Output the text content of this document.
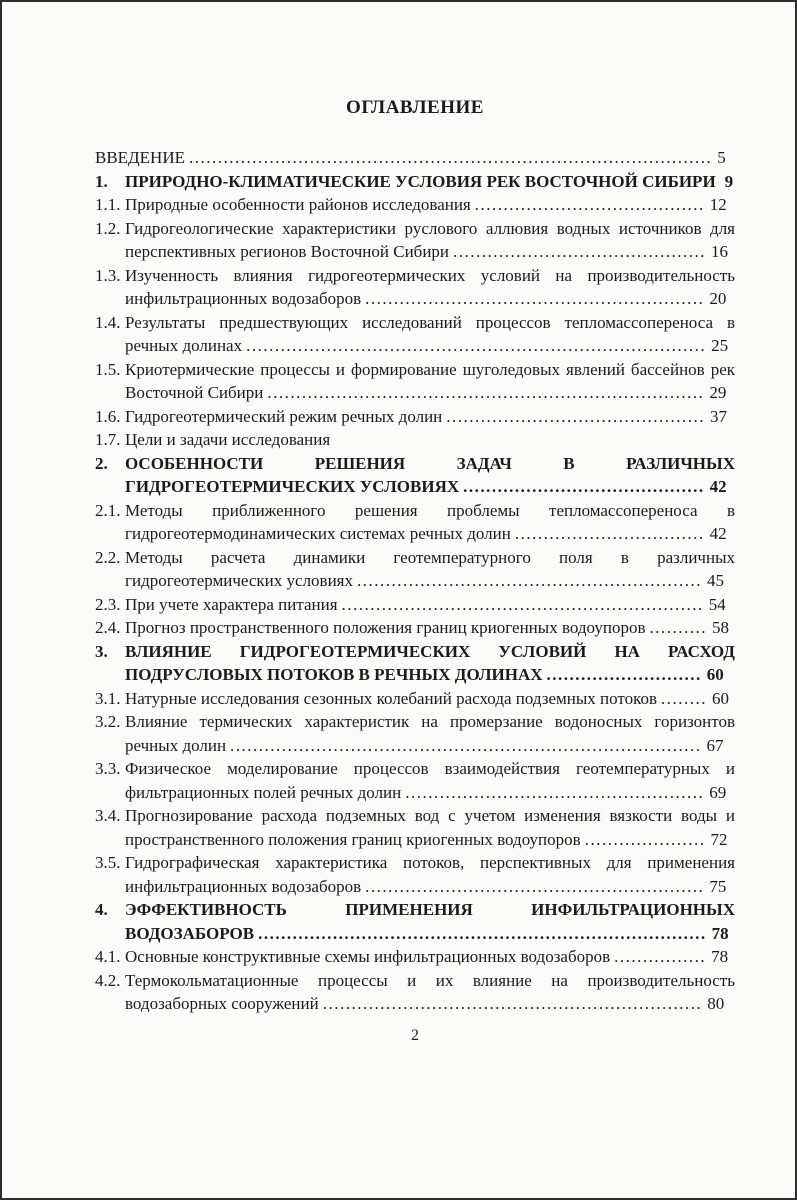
ОГЛАВЛЕНИЕ

ВВЕДЕНИЕ ........................................................................................... 5

1. ПРИРОДНО-КЛИМАТИЧЕСКИЕ УСЛОВИЯ РЕК ВОСТОЧНОЙ СИБИРИ 9

1.1. Природные особенности районов исследования ........................................ 12

1.2. Гидрогеологические характеристики руслового аллювия водных источников для перспективных регионов Восточной Сибири ............................................ 16

1.3. Изученность влияния гидрогеотермических условий на производительность инфильтрационных водозаборов ........................................................... 20

1.4. Результаты предшествующих исследований процессов тепломассопереноса в речных долинах ................................................................................ 25

1.5. Криотермические процессы и формирование шуголедовых явлений бассейнов рек Восточной Сибири ............................................................................ 29

1.6. Гидрогеотермический режим речных долин ............................................. 37

1.7. Цели и задачи исследования

2. ОСОБЕННОСТИ РЕШЕНИЯ ЗАДАЧ В РАЗЛИЧНЫХ ГИДРОГЕОТЕРМИЧЕСКИХ УСЛОВИЯХ .......................................... 42

2.1. Методы приближенного решения проблемы тепломассопереноса в гидрогеотермодинамических системах речных долин ................................. 42

2.2. Методы расчета динамики геотемпературного поля в различных гидрогеотермических условиях ............................................................ 45

2.3. При учете характера питания ............................................................... 54

2.4. Прогноз пространственного положения границ криогенных водоупоров .......... 58

3. ВЛИЯНИЕ ГИДРОГЕОТЕРМИЧЕСКИХ УСЛОВИЙ НА РАСХОД ПОДРУСЛОВЫХ ПОТОКОВ В РЕЧНЫХ ДОЛИНАХ ........................... 60

3.1. Натурные исследования сезонных колебаний расхода подземных потоков ........ 60

3.2. Влияние термических характеристик на промерзание водоносных горизонтов речных долин .................................................................................. 67

3.3. Физическое моделирование процессов взаимодействия геотемпературных и фильтрационных полей речных долин .................................................... 69

3.4. Прогнозирование расхода подземных вод с учетом изменения вязкости воды и пространственного положения границ криогенных водоупоров ..................... 72

3.5. Гидрографическая характеристика потоков, перспективных для применения инфильтрационных водозаборов ........................................................... 75

4. ЭФФЕКТИВНОСТЬ ПРИМЕНЕНИЯ ИНФИЛЬТРАЦИОННЫХ ВОДОЗАБОРОВ .............................................................................. 78

4.1. Основные конструктивные схемы инфильтрационных водозаборов ................ 78

4.2. Термокольматационные процессы и их влияние на производительность водозаборных сооружений .................................................................. 80

2
